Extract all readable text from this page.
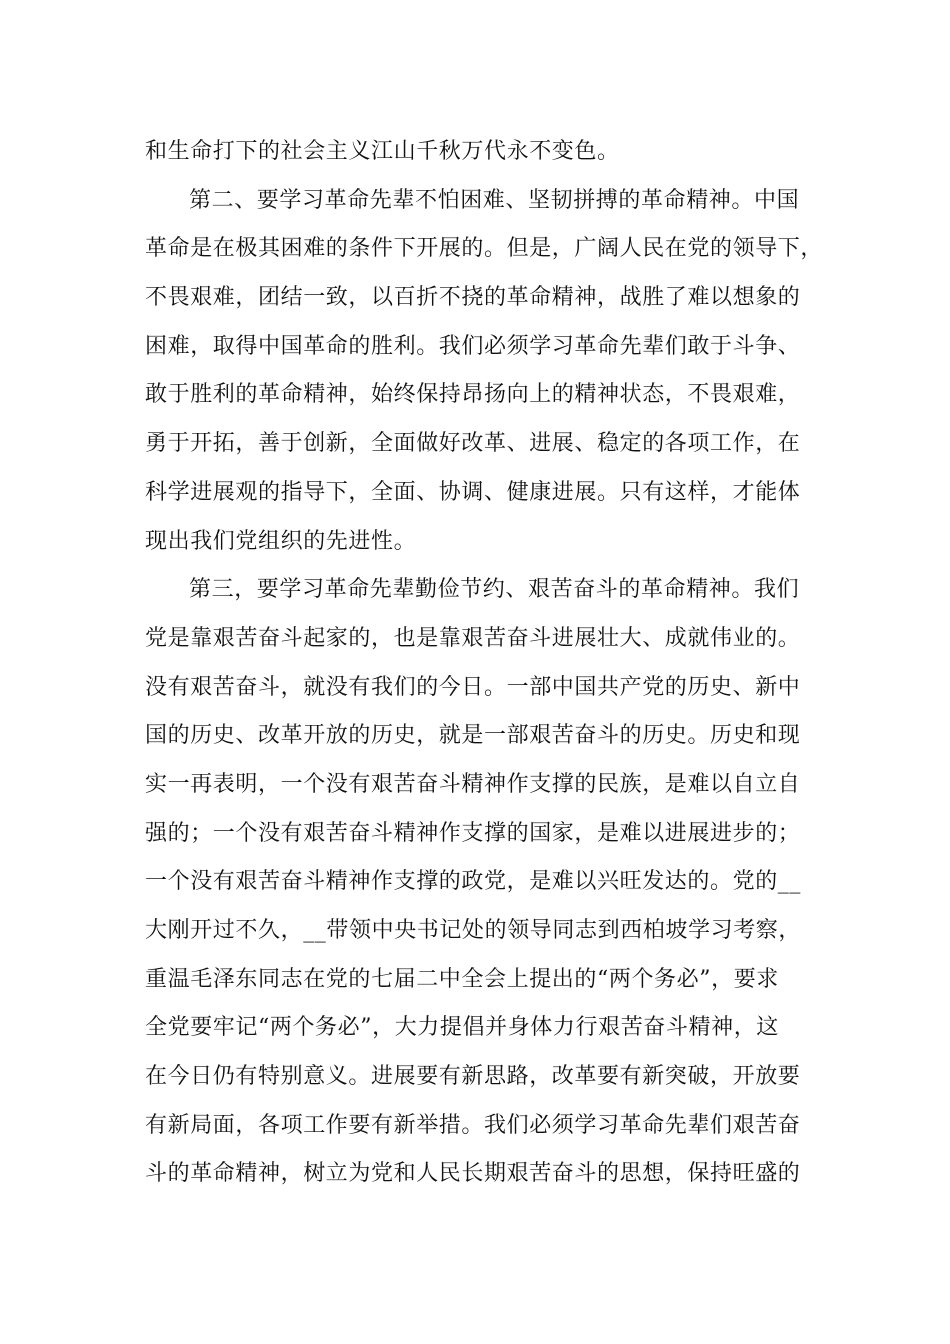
和生命打下的社会主义江山千秋万代永不变色。
第二、要学习革命先辈不怕困难、坚韧拼搏的革命精神。中国
革命是在极其困难的条件下开展的。但是，广阔人民在党的领导下，
不畏艰难，团结一致，以百折不挠的革命精神，战胜了难以想象的
困难，取得中国革命的胜利。我们必须学习革命先辈们敢于斗争、
敢于胜利的革命精神，始终保持昂扬向上的精神状态，不畏艰难，
勇于开拓，善于创新，全面做好改革、进展、稳定的各项工作，在
科学进展观的指导下，全面、协调、健康进展。只有这样，才能体
现出我们党组织的先进性。
第三，要学习革命先辈勤俭节约、艰苦奋斗的革命精神。我们
党是靠艰苦奋斗起家的，也是靠艰苦奋斗进展壮大、成就伟业的。
没有艰苦奋斗，就没有我们的今日。一部中国共产党的历史、新中
国的历史、改革开放的历史，就是一部艰苦奋斗的历史。历史和现
实一再表明，一个没有艰苦奋斗精神作支撑的民族，是难以自立自
强的；一个没有艰苦奋斗精神作支撑的国家，是难以进展进步的；
一个没有艰苦奋斗精神作支撑的政党，是难以兴旺发达的。党的__
大刚开过不久，__带领中央书记处的领导同志到西柏坡学习考察，
重温毛泽东同志在党的七届二中全会上提出的“两个务必”，要求
全党要牢记“两个务必”，大力提倡并身体力行艰苦奋斗精神，这
在今日仍有特别意义。进展要有新思路，改革要有新突破，开放要
有新局面，各项工作要有新举措。我们必须学习革命先辈们艰苦奋
斗的革命精神，树立为党和人民长期艰苦奋斗的思想，保持旺盛的
